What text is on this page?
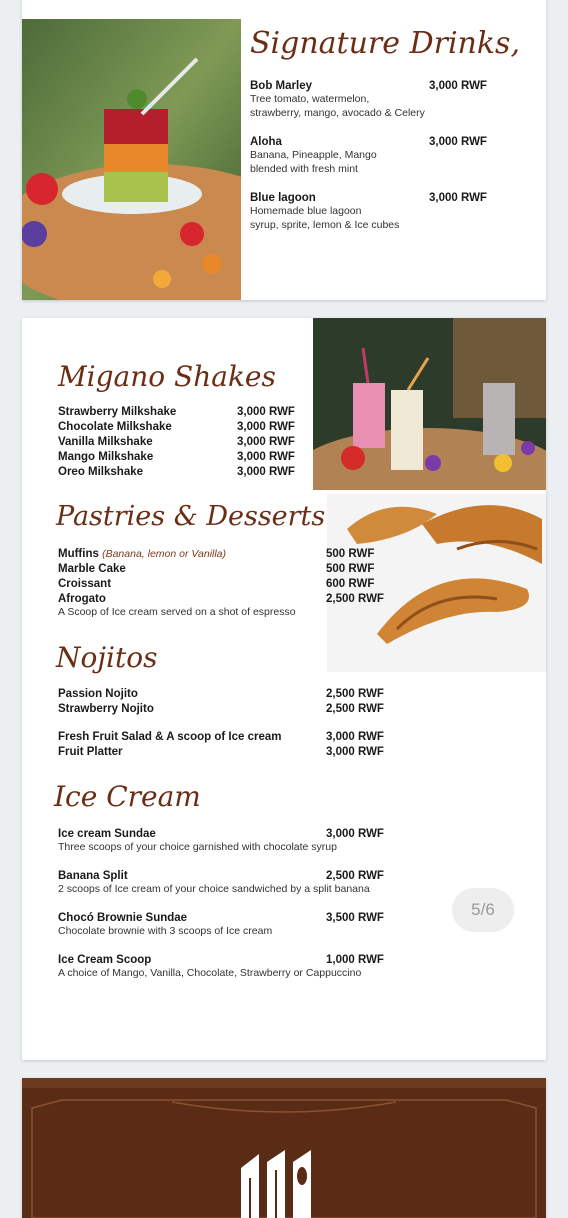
Signature Drinks,
Bob Marley	3,000 RWF
Tree tomato, watermelon,
strawberry, mango, avocado & Celery
Aloha	3,000 RWF
Banana, Pineapple, Mango
blended with fresh mint
Blue lagoon	3,000 RWF
Homemade blue lagoon
syrup, sprite, lemon & Ice cubes
Migano Shakes
Strawberry Milkshake	3,000 RWF
Chocolate Milkshake	3,000 RWF
Vanilla Milkshake	3,000 RWF
Mango Milkshake	3,000 RWF
Oreo Milkshake	3,000 RWF
Pastries & Desserts
Muffins (Banana, lemon or Vanilla)	500 RWF
Marble Cake	500 RWF
Croissant	600 RWF
Afrogato	2,500 RWF
A Scoop of Ice cream served on a shot of espresso
Nojitos
Passion Nojito	2,500 RWF
Strawberry Nojito	2,500 RWF
Fresh Fruit Salad & A scoop of Ice cream	3,000 RWF
Fruit Platter	3,000 RWF
Ice Cream
Ice cream Sundae	3,000 RWF
Three scoops of your choice garnished with chocolate syrup
Banana Split	2,500 RWF
2 scoops of Ice cream of your choice sandwiched by a split banana
Chocó Brownie Sundae	3,500 RWF
Chocolate brownie with 3 scoops of Ice cream
Ice Cream Scoop	1,000 RWF
A choice of Mango, Vanilla, Chocolate, Strawberry or Cappuccino
5/6
